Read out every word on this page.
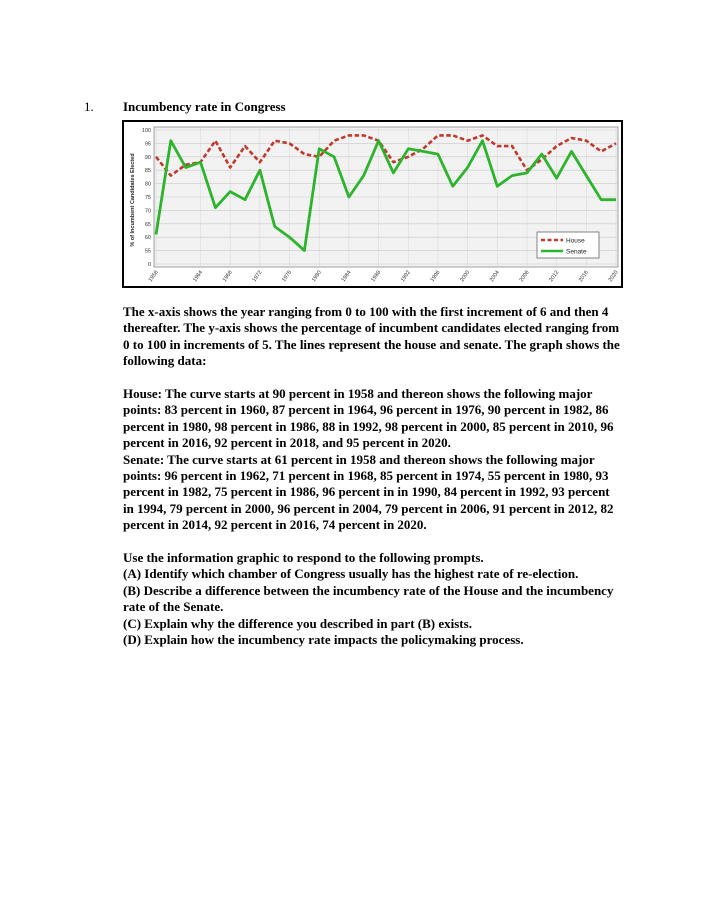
1. Incumbency rate in Congress
0
55
60
65
70
75
80
85
90
95
100
1958	1964	1968	1972	1976	1980	1984	1988	1992	1996	2000	2004	2008	2012	2016	2020
% of Incumbent Candidates Elected	House
Senate

The x-axis shows the year ranging from 0 to 100 with the first increment of 6 and then 4 thereafter. The y-axis shows the percentage of incumbent candidates elected ranging from 0 to 100 in increments of 5. The lines represent the house and senate. The graph shows the following data:

House: The curve starts at 90 percent in 1958 and thereon shows the following major points: 83 percent in 1960, 87 percent in 1964, 96 percent in 1976, 90 percent in 1982, 86 percent in 1980, 98 percent in 1986, 88 in 1992, 98 percent in 2000, 85 percent in 2010, 96 percent in 2016, 92 percent in 2018, and 95 percent in 2020.

Senate: The curve starts at 61 percent in 1958 and thereon shows the following major points: 96 percent in 1962, 71 percent in 1968, 85 percent in 1974, 55 percent in 1980, 93 percent in 1982, 75 percent in 1986, 96 percent in in 1990, 84 percent in 1992, 93 percent in 1994, 79 percent in 2000, 96 percent in 2004, 79 percent in 2006, 91 percent in 2012, 82 percent in 2014, 92 percent in 2016, 74 percent in 2020.

Use the information graphic to respond to the following prompts.

(A) Identify which chamber of Congress usually has the highest rate of re-election.

(B) Describe a difference between the incumbency rate of the House and the incumbency rate of the Senate.

(C) Explain why the difference you described in part (B) exists.

(D) Explain how the incumbency rate impacts the policymaking process.
